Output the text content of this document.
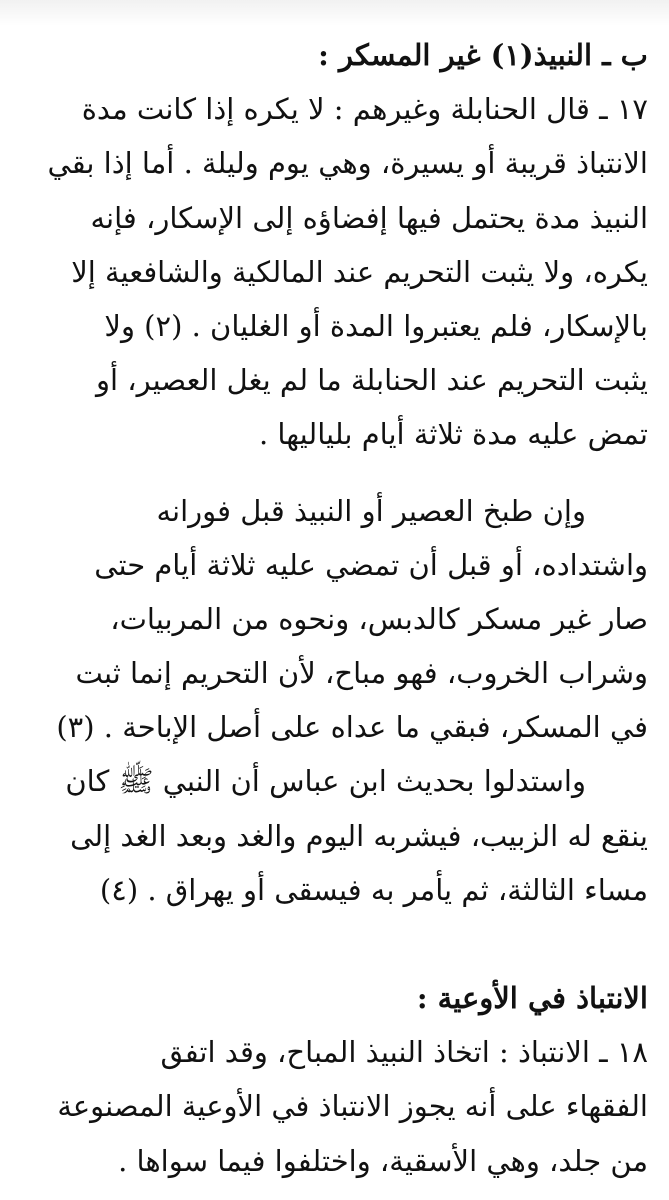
ب ـ النبيذ(١) غير المسكر :
١٧ ـ قال الحنابلة وغيرهم : لا يكره إذا كانت مدة
الانتباذ قريبة أو يسيرة، وهي يوم وليلة . أما إذا بقي
النبيذ مدة يحتمل فيها إفضاؤه إلى الإسكار، فإنه
يكره، ولا يثبت التحريم عند المالكية والشافعية إلا
بالإسكار، فلم يعتبروا المدة أو الغليان . (٢) ولا
يثبت التحريم عند الحنابلة ما لم يغل العصير، أو
تمض عليه مدة ثلاثة أيام بلياليها .
وإن طبخ العصير أو النبيذ قبل فورانه
واشتداده، أو قبل أن تمضي عليه ثلاثة أيام حتى
صار غير مسكر كالدبس، ونحوه من المربيات،
وشراب الخروب، فهو مباح، لأن التحريم إنما ثبت
في المسكر، فبقي ما عداه على أصل الإباحة . (٣)
واستدلوا بحديث ابن عباس أن النبي ﷺ كان
ينقع له الزبيب، فيشربه اليوم والغد وبعد الغد إلى
مساء الثالثة، ثم يأمر به فيسقى أو يهراق . (٤)
الانتباذ في الأوعية :
١٨ ـ الانتباذ : اتخاذ النبيذ المباح، وقد اتفق
الفقهاء على أنه يجوز الانتباذ في الأوعية المصنوعة
من جلد، وهي الأسقية، واختلفوا فيما سواها .
